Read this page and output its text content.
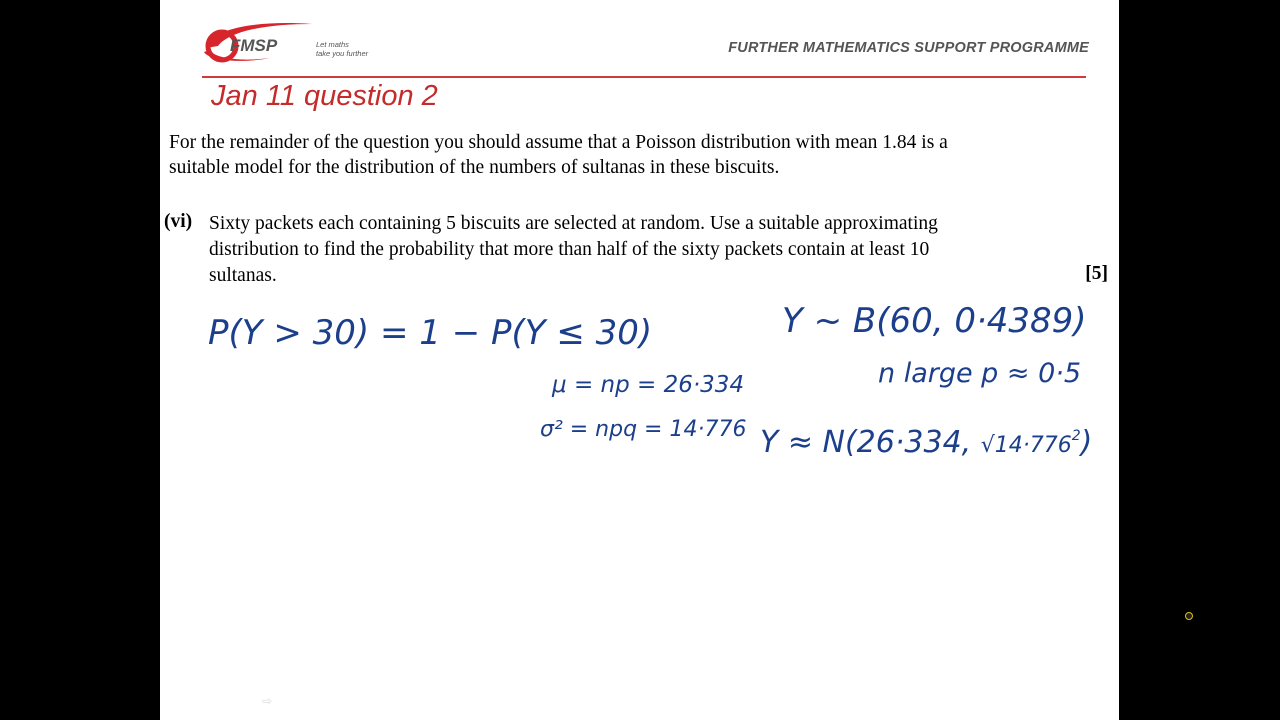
FMSP	Let maths
take you further	FURTHER MATHEMATICS SUPPORT PROGRAMME
Jan 11 question 2
For the remainder of the question you should assume that a Poisson distribution with mean 1.84 is a
suitable model for the distribution of the numbers of sultanas in these biscuits.
(vi) Sixty packets each containing 5 biscuits are selected at random. Use a suitable approximating
distribution to find the probability that more than half of the sixty packets contain at least 10
sultanas.	[5]
P(Y > 30) = 1 − P(Y ≤ 30)	Y ~ B(60, 0·4389)
μ = np = 26·334	n large p ≈ 0·5
σ² = npq = 14·776 Y ≈ N(26·334, $√14\cdot 776^2$)
⇨
